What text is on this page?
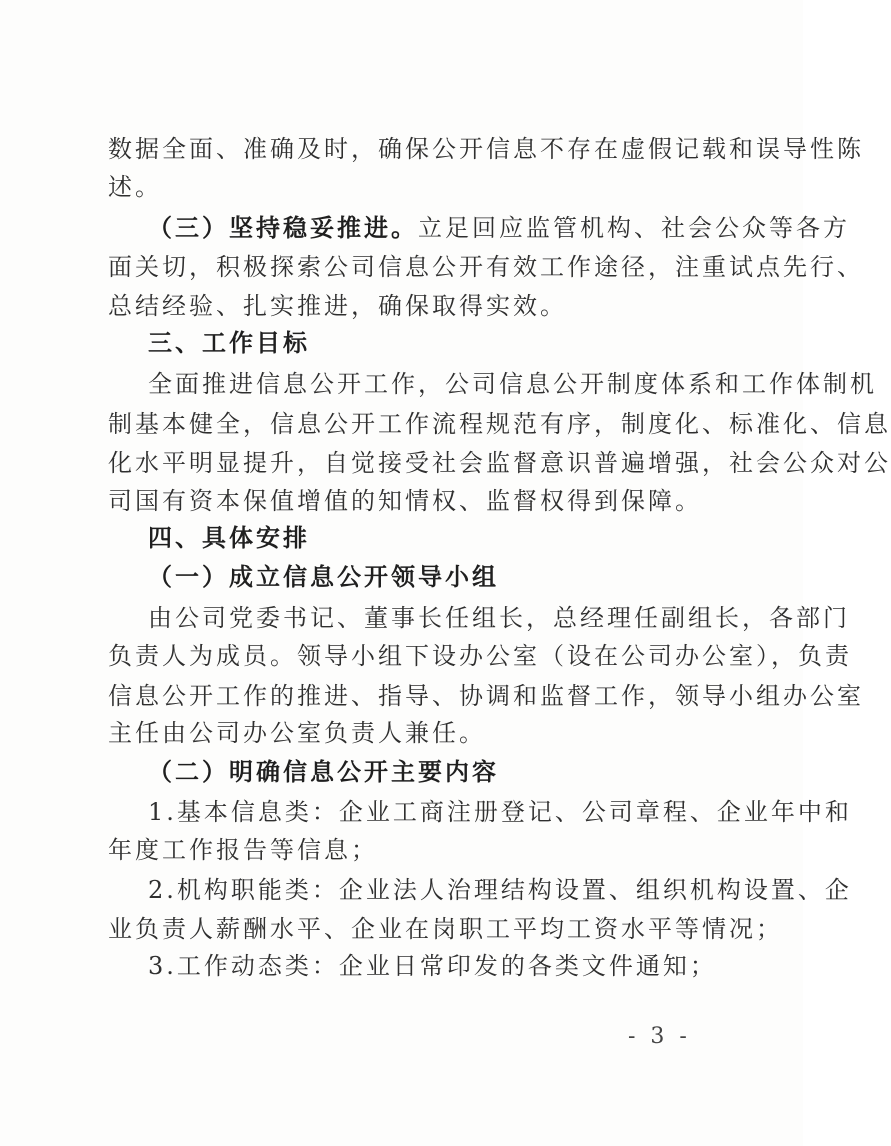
数据全面、准确及时，确保公开信息不存在虚假记载和误导性陈
述。
（三）坚持稳妥推进。立足回应监管机构、社会公众等各方
面关切，积极探索公司信息公开有效工作途径，注重试点先行、
总结经验、扎实推进，确保取得实效。
三、工作目标
全面推进信息公开工作，公司信息公开制度体系和工作体制机
制基本健全，信息公开工作流程规范有序，制度化、标准化、信息
化水平明显提升，自觉接受社会监督意识普遍增强，社会公众对公
司国有资本保值增值的知情权、监督权得到保障。
四、具体安排
（一）成立信息公开领导小组
由公司党委书记、董事长任组长，总经理任副组长，各部门
负责人为成员。领导小组下设办公室（设在公司办公室），负责
信息公开工作的推进、指导、协调和监督工作，领导小组办公室
主任由公司办公室负责人兼任。
（二）明确信息公开主要内容
1.基本信息类：企业工商注册登记、公司章程、企业年中和
年度工作报告等信息；
2.机构职能类：企业法人治理结构设置、组织机构设置、企
业负责人薪酬水平、企业在岗职工平均工资水平等情况；
3.工作动态类：企业日常印发的各类文件通知；
- 3 -
